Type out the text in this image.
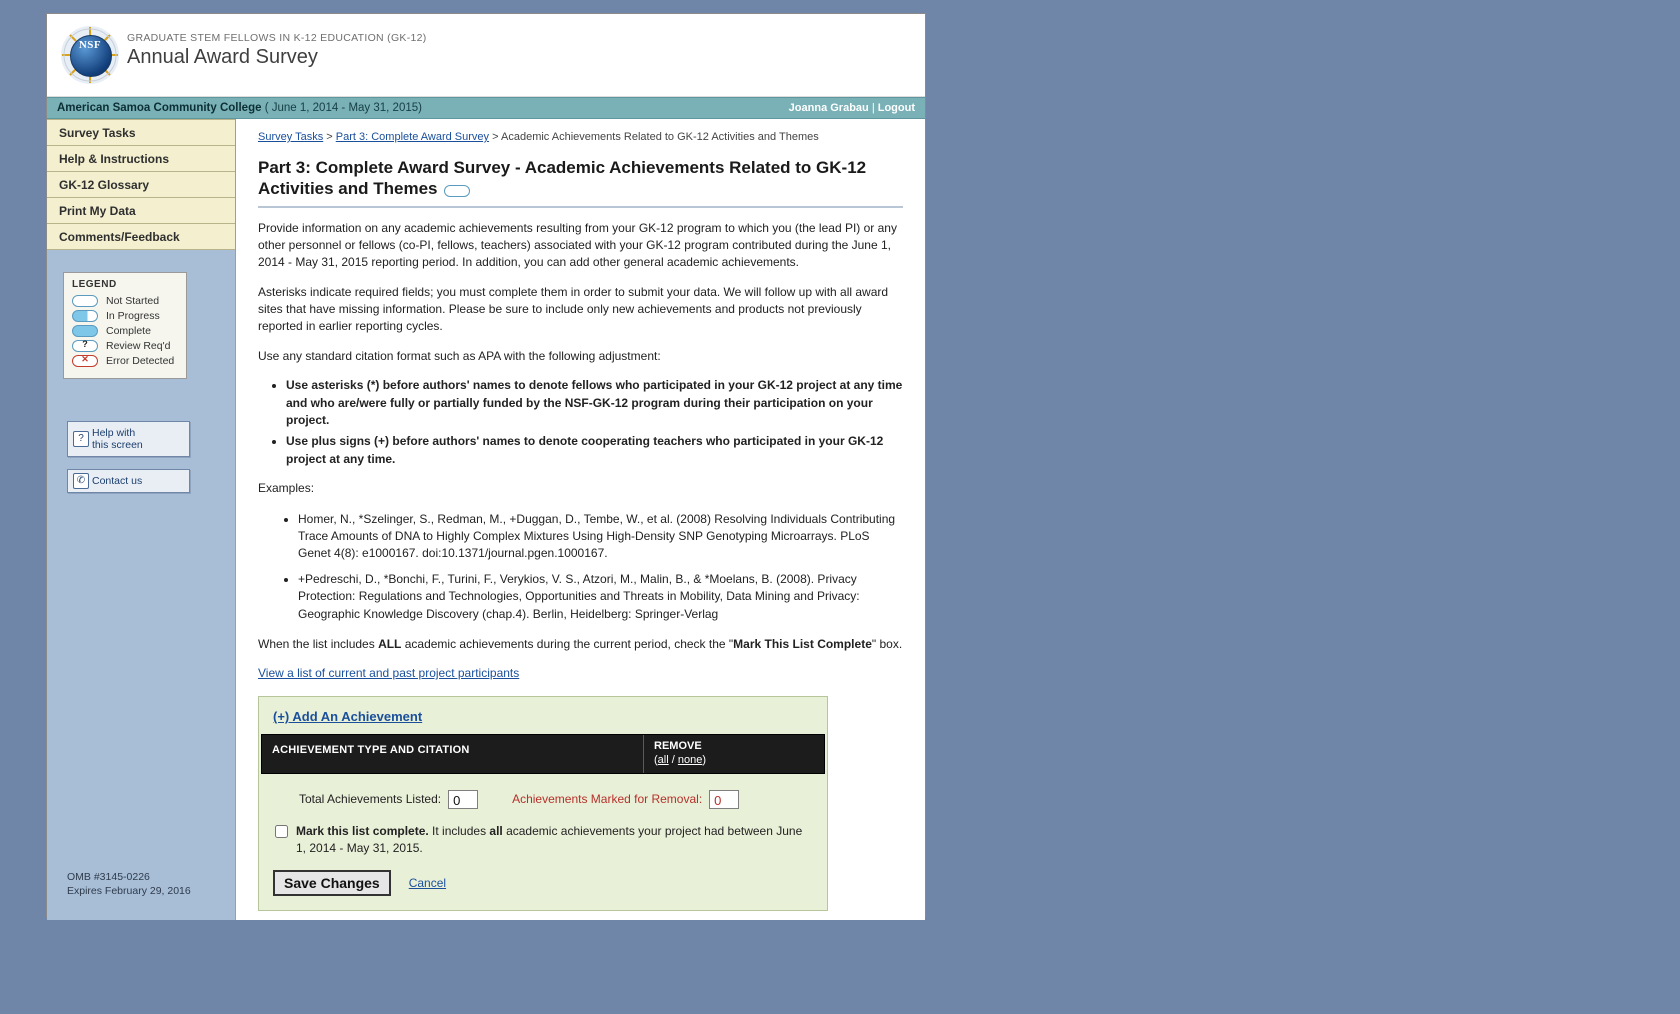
NSF
GRADUATE STEM FELLOWS IN K-12 EDUCATION (GK-12)
Annual Award Survey
American Samoa Community College ( June 1, 2014 - May 31, 2015)	Joanna Grabau | Logout
Survey Tasks
Help & Instructions
GK-12 Glossary
Print My Data
Comments/Feedback
LEGEND
Not Started
In Progress
Complete
?
Review Req'd
✕
Error Detected
? Help with
this screen
✆ Contact us
OMB #3145-0226
Expires February 29, 2016
Survey Tasks > Part 3: Complete Award Survey > Academic Achievements Related to GK-12 Activities and Themes
Part 3: Complete Award Survey - Academic Achievements Related to GK-12 Activities and Themes

Provide information on any academic achievements resulting from your GK-12 program to which you (the lead PI) or any other personnel or fellows (co-PI, fellows, teachers) associated with your GK-12 program contributed during the June 1, 2014 - May 31, 2015 reporting period. In addition, you can add other general academic achievements.

Asterisks indicate required fields; you must complete them in order to submit your data. We will follow up with all award sites that have missing information. Please be sure to include only new achievements and products not previously reported in earlier reporting cycles.

Use any standard citation format such as APA with the following adjustment:

• Use asterisks (*) before authors' names to denote fellows who participated in your GK-12 project at any time and who are/were fully or partially funded by the NSF-GK-12 program during their participation on your project.
• Use plus signs (+) before authors' names to denote cooperating teachers who participated in your GK-12 project at any time.

Examples:

• Homer, N., *Szelinger, S., Redman, M., +Duggan, D., Tembe, W., et al. (2008) Resolving Individuals Contributing Trace Amounts of DNA to Highly Complex Mixtures Using High-Density SNP Genotyping Microarrays. PLoS Genet 4(8): e1000167. doi:10.1371/journal.pgen.1000167.
• +Pedreschi, D., *Bonchi, F., Turini, F., Verykios, V. S., Atzori, M., Malin, B., & *Moelans, B. (2008). Privacy Protection: Regulations and Technologies, Opportunities and Threats in Mobility, Data Mining and Privacy: Geographic Knowledge Discovery (chap.4). Berlin, Heidelberg: Springer-Verlag

When the list includes ALL academic achievements during the current period, check the "Mark This List Complete" box.

View a list of current and past project participants
(+) Add An Achievement
ACHIEVEMENT TYPE AND CITATION	REMOVE
(all / none)
Total Achievements Listed: 0	Achievements Marked for Removal: 0
Mark this list complete. It includes all academic achievements your project had between June 1, 2014 - May 31, 2015.
Save Changes	Cancel
